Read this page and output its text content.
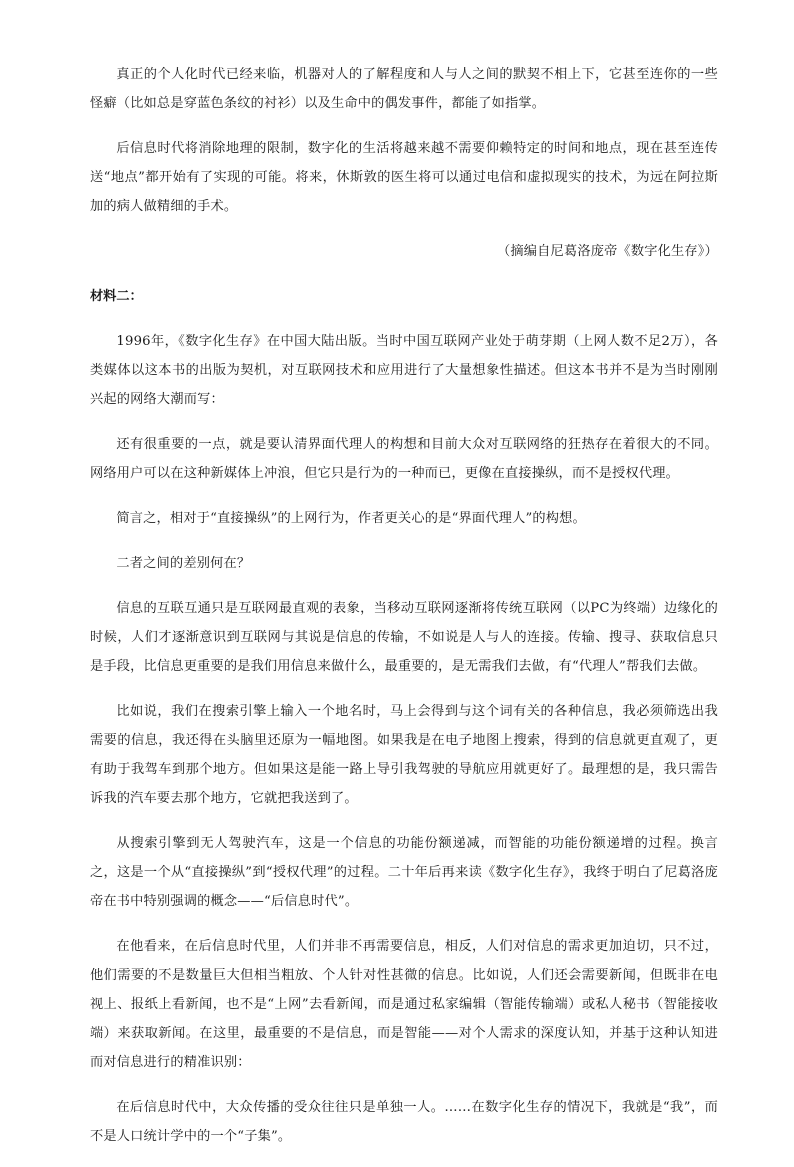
真正的个人化时代已经来临，机器对人的了解程度和人与人之间的默契不相上下，它甚至连你的一些怪癖（比如总是穿蓝色条纹的衬衫）以及生命中的偶发事件，都能了如指掌。

后信息时代将消除地理的限制，数字化的生活将越来越不需要仰赖特定的时间和地点，现在甚至连传送“地点”都开始有了实现的可能。将来，休斯敦的医生将可以通过电信和虚拟现实的技术，为远在阿拉斯加的病人做精细的手术。

（摘编自尼葛洛庞帝《数字化生存》）

材料二：

1996年，《数字化生存》在中国大陆出版。当时中国互联网产业处于萌芽期（上网人数不足2万），各类媒体以这本书的出版为契机，对互联网技术和应用进行了大量想象性描述。但这本书并不是为当时刚刚兴起的网络大潮而写：

还有很重要的一点，就是要认清界面代理人的构想和目前大众对互联网络的狂热存在着很大的不同。网络用户可以在这种新媒体上冲浪，但它只是行为的一种而已，更像在直接操纵，而不是授权代理。

简言之，相对于“直接操纵”的上网行为，作者更关心的是“界面代理人”的构想。

二者之间的差别何在？

信息的互联互通只是互联网最直观的表象，当移动互联网逐渐将传统互联网（以PC为终端）边缘化的时候，人们才逐渐意识到互联网与其说是信息的传输，不如说是人与人的连接。传输、搜寻、获取信息只是手段，比信息更重要的是我们用信息来做什么，最重要的，是无需我们去做，有“代理人”帮我们去做。

比如说，我们在搜索引擎上输入一个地名时，马上会得到与这个词有关的各种信息，我必须筛选出我需要的信息，我还得在头脑里还原为一幅地图。如果我是在电子地图上搜索，得到的信息就更直观了，更有助于我驾车到那个地方。但如果这是能一路上导引我驾驶的导航应用就更好了。最理想的是，我只需告诉我的汽车要去那个地方，它就把我送到了。

从搜索引擎到无人驾驶汽车，这是一个信息的功能份额递减，而智能的功能份额递增的过程。换言之，这是一个从“直接操纵”到“授权代理”的过程。二十年后再来读《数字化生存》，我终于明白了尼葛洛庞帝在书中特别强调的概念——“后信息时代”。

在他看来，在后信息时代里，人们并非不再需要信息，相反，人们对信息的需求更加迫切，只不过，他们需要的不是数量巨大但相当粗放、个人针对性甚微的信息。比如说，人们还会需要新闻，但既非在电视上、报纸上看新闻，也不是“上网”去看新闻，而是通过私家编辑（智能传输端）或私人秘书（智能接收端）来获取新闻。在这里，最重要的不是信息，而是智能——对个人需求的深度认知，并基于这种认知进而对信息进行的精准识别：

在后信息时代中，大众传播的受众往往只是单独一人。……在数字化生存的情况下，我就是“我”，而不是人口统计学中的一个“子集”。
